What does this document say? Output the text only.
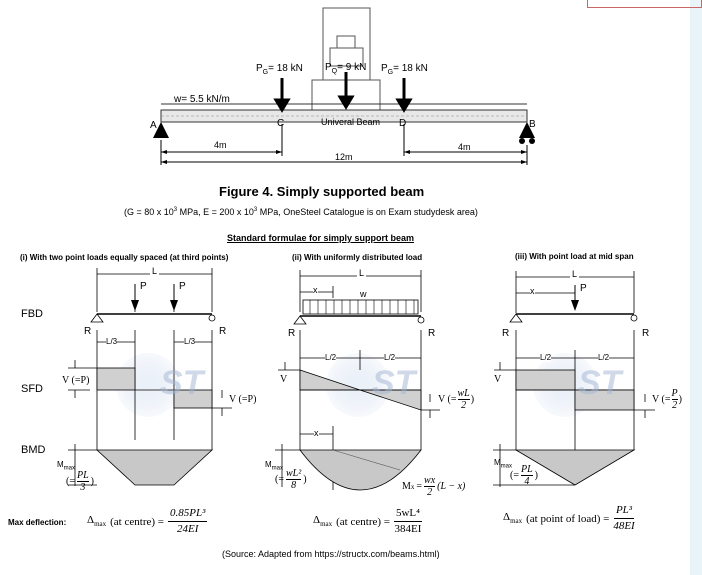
w= 5.5 kN/m
$P_G= 18$ kN $P_Q= 9$ kN $P_G= 18$ kN
Univeral Beam
A	B
C	D
4m	4m
12m
Figure 4. Simply supported beam
(G = 80 x $10^3$ MPa, E = 200 x $10^3$ MPa, OneSteel Catalogue is on Exam studydesk area)
Standard formulae for simply support beam
(i) With two point loads equally spaced (at third points)	(ii) With uniformly distributed load	(iii) With point load at mid span
FBD
SFD
BMD
ST	ST	ST
L
P	P
R	R
L/3	L/3
V (=P)
V (=P)
$M_{max}$
(= $\frac{PL}{3}$ )
L
x	w
R	R
L/2	L/2
V
V (= $\frac{wL}{2}$ )
x
$M_{max}$
(= $\frac{\text{wL²}}{8}$ )
M $x = \frac{wx}{2} (L - x)$
L
x	P
R	R
L/2	L/2
V
V (= $\frac{P}{2}$ )
$M_{max}$
(= $\frac{PL}{4}$ )
Max deflection: $\Delta_{max}$ (at centre) = $\frac{\text{0.85PL³}}{24EI}$	$\Delta_{max}$ (at centre) = $\frac{\text{5wL⁴}}{384EI}$	$\Delta_{max}$ (at point of load) = $\frac{\text{PL³}}{48EI}$
(Source: Adapted from https://structx.com/beams.html)
